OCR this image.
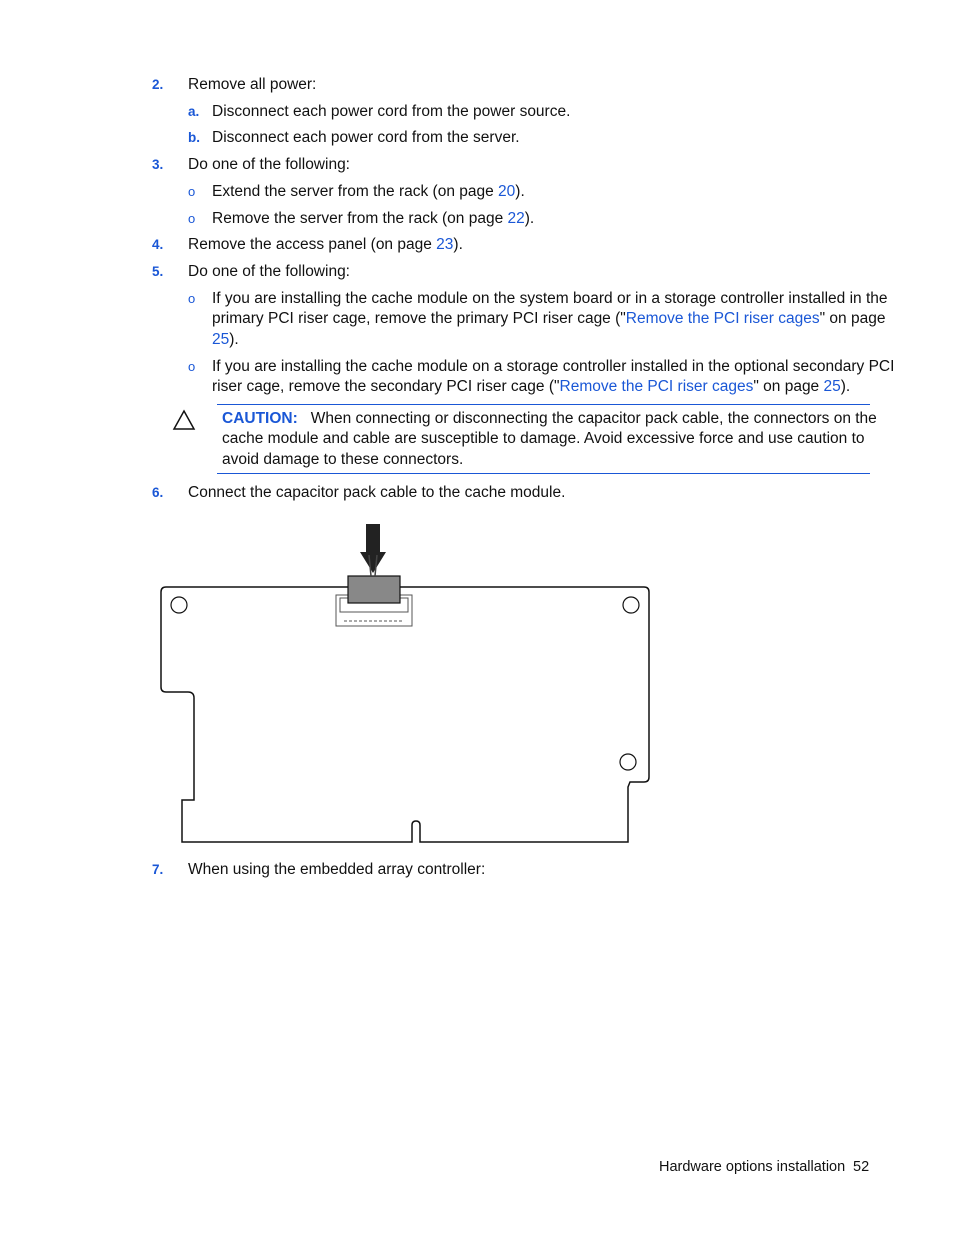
2. Remove all power:
a. Disconnect each power cord from the power source.
b. Disconnect each power cord from the server.
3. Do one of the following:
o Extend the server from the rack (on page 20).
o Remove the server from the rack (on page 22).
4. Remove the access panel (on page 23).
5. Do one of the following:
o If you are installing the cache module on the system board or in a storage controller installed in the
primary PCI riser cage, remove the primary PCI riser cage ("Remove the PCI riser cages" on page
25).
o If you are installing the cache module on a storage controller installed in the optional secondary PCI
riser cage, remove the secondary PCI riser cage ("Remove the PCI riser cages" on page 25).
CAUTION: When connecting or disconnecting the capacitor pack cable, the connectors on the
cache module and cable are susceptible to damage. Avoid excessive force and use caution to
avoid damage to these connectors.
6. Connect the capacitor pack cable to the cache module.
7. When using the embedded array controller:
Hardware options installation 52
